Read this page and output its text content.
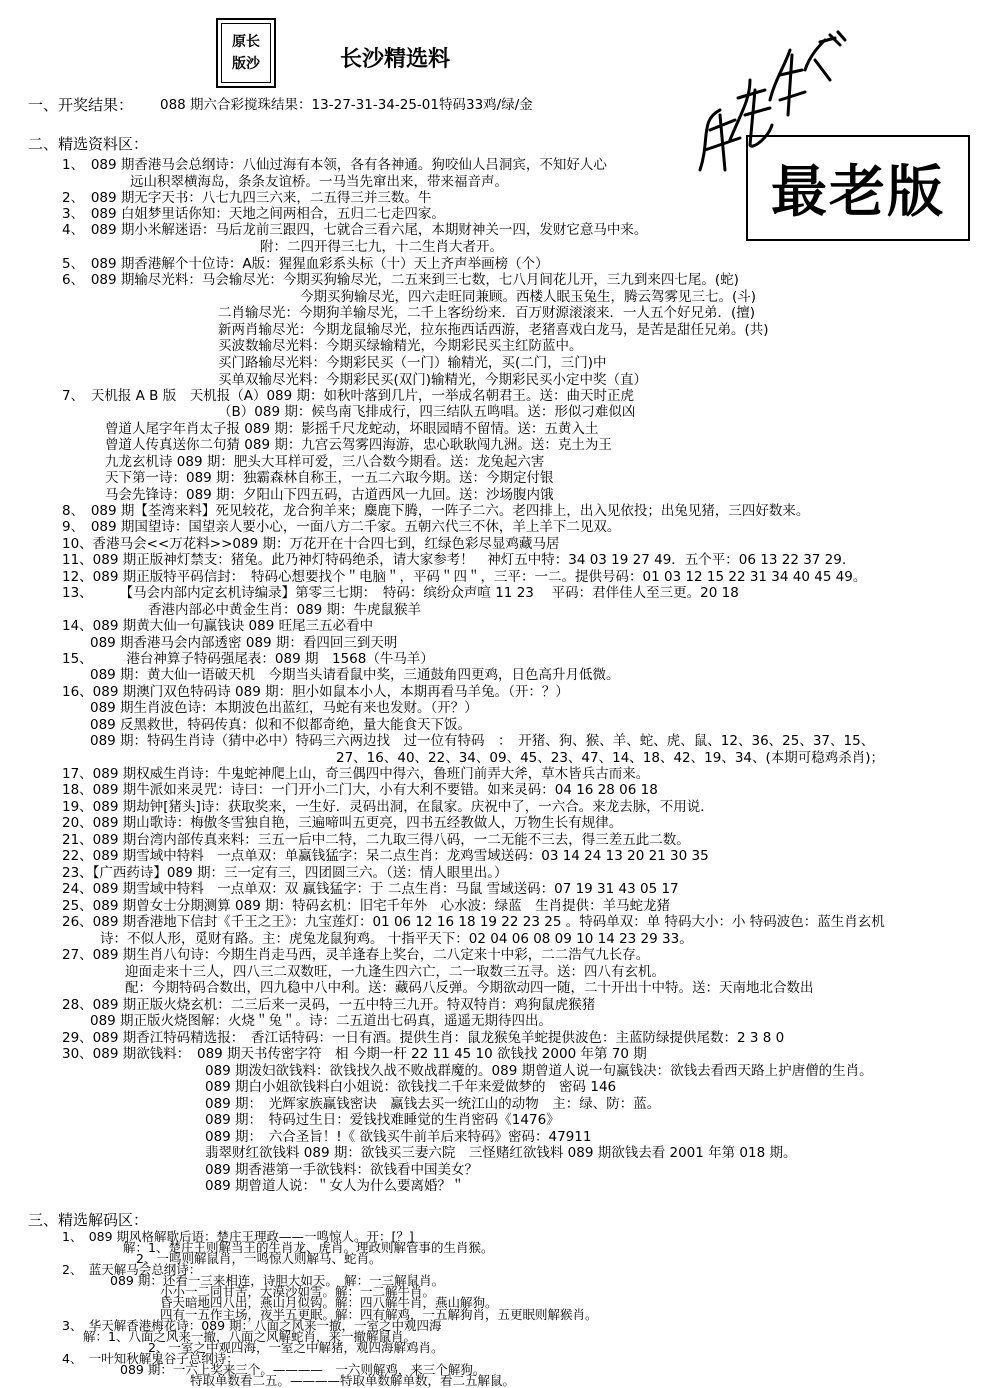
原长
版沙	长沙精选料
最老版
一、开奖结果： 088 期六合彩搅珠结果：13-27-31-34-25-01特码33鸡/绿/金
二、精选资料区：
1、　089 期香港马会总纲诗：八仙过海有本领，各有各神通。狗咬仙人吕洞宾，不知好人心
远山积翠横海岛，条条友谊桥。一马当先窜出来，带来福音声。
2、　089 期无字天书：八七九四三六来，二五得三并三数。牛
3、　089 白姐梦里话你知：天地之间两相合，五归二七走四家。
4、　089 期小米解迷语：马后龙前三跟四，七就合三看六尾，本期财神关一四，发财它意马中来。
附：二四开得三七九，十二生肖大者开。
5、　089 期香港解个十位诗：A版：猩猩血彩系头标（十）天上齐声举画榜（个）
6、　089 期输尽光料：马会输尽光：今期买狗输尽光，二五来到三七数，七八月间花儿开，三九到来四七尾。(蛇)
今期买狗输尽光，四六走旺同兼顾。西楼人眠玉兔生，腾云驾雾见三七。(斗)
二肖输尽光：今期狗羊输尽光，二千上客纷纷来．百万财源滚滚来．一人五个好兄弟．(擅)
新两肖输尽光：今期龙鼠输尽光，拉东拖西话西游，老猪喜戏白龙马，是苦是甜任兄弟。(共)
买波数输尽光料：今期买绿输精光，今期彩民买主红防蓝中。
买门路输尽光料：今期彩民买（一门）输精光，买(二门，三门)中
买单双输尽光料：今期彩民买(双门)输精光，今期彩民买小定中奖（直）
7、　天机报 A B 版　天机报（A）089 期：如秋叶落到几片，一举成名朝君王。送：曲天时正虎
（B）089 期：候鸟南飞排成行，四三结队五鸣唱。送：形似刁难似凶
曾道人尾字年肖太子报 089 期：影摇千尺龙蛇动，坏眼园晴不留情。送：五黄入土
曾道人传真送你二句猜 089 期：九宫云驾雾四海游，忠心耿耿闯九洲。送：克土为王
九龙玄机诗 089 期：肥头大耳样可爱，三八合数今期看。送：龙兔起六害
天下第一诗：089 期：独霸森林自称王，一五二六取今期。送：今期定付银
马会先锋诗：089 期：夕阳山下四五码，古道西风一九回。送：沙场腹内饿
8、　089 期【荃湾来料】死见较花，龙合狗羊来；麋鹿下腾，一阵子二六。老四排上，出入见依投；出兔见猪，三四好数来。
9、　089 期国望诗：国望亲人要小心，一面八方二千家。五朝六代三不休，羊上羊下二见双。
10、香港马会<<万花料>>089 期：万花开在十合四七到，红绿色彩尽显鸡藏马居
11、089 期正版神灯禁支：猪兔。此乃神灯特码绝杀，请大家参考！　神灯五中特：34 03 19 27 49．五个平：06 13 22 37 29.
12、089 期正版特平码信封：　特码心想要找个＂电脑＂，平码＂四＂，三平：一二。提供号码：01 03 12 15 22 31 34 40 45 49。
13、　　　【马会内部内定玄机诗编录】第零三七期：　特码：缤纷众声喧 11 23　 平码：君伴佳人至三更。20 18
香港内部必中黄金生肖：089 期：牛虎鼠猴羊
14、089 期黄大仙一句赢钱诀 089 旺尾三五必看中
089 期香港马会内部透密 089 期：看四回三到天明
15、　　　港台神算子特码强尾表：089 期　1568（牛马羊）
089 期：黄大仙一语破天机　今期当头请看鼠中奖，三通鼓角四更鸡，日色高升月低微。
16、089 期澳门双色特码诗 089 期：胆小如鼠本小人，本期再看马羊兔。（开：？）
089 期生肖波色诗：本期波色出蓝红，马蛇有来也发财。（开？）
089 反黑救世，特码传真：似和不似都奇绝，量大能食天下饭。
089 期：特码生肖诗（猜中必中）特码三六两边找　过一位有特码　：　开猪、狗、猴、羊、蛇、虎、鼠、12、36、25、37、15、
27、16、40、22、34、09、45、23、47、14、18、42、19、34、(本期可稳鸡杀肖)；
17、089 期权威生肖诗：牛鬼蛇神爬上山，奇三偶四中得六，鲁班门前弄大斧，草木皆兵古而来。
18、089 期牛派如来灵咒：诗曰：一门开小二门大，小有大利不要错。如来灵码：04 16 28 06 18
19、089 期劫钟[猪头]诗：获取奖来，一生好．灵码出洞，在鼠家。庆祝中了，一六合。来龙去脉，不用说．
20、089 期山歌诗：梅傲冬雪独自艳，三遍啼叫五更亮，四书五经教做人，万物生长有规律。
21、089 期台湾内部传真来料：三五一后中二特，二九取三得八码，一二无能不三去，得三差五此二数。
22、089 期雪域中特料　一点单双：单赢钱猛字：呆二点生肖：龙鸡雪域送码：03 14 24 13 20 21 30 35
23、【广西药诗】089 期：三一定有三，四团圆三六。（送：情人眼里出。）
24、089 期雪域中特料　一点单双：双 赢钱猛字：于 二点生肖：马鼠 雪域送码：07 19 31 43 05 17
25、089 期曾女士分期测算 089 期：特码玄机：旧宅千年外　心水波：绿蓝　生肖提供：羊马蛇龙猪
26、089 期香港地下信封《千王之王》：九宝莲灯：01 06 12 16 18 19 22 23 25 。特码单双：单 特码大小：小 特码波色：蓝生肖玄机
诗：不似人形，觅财有路。主：虎兔龙鼠狗鸡。 十指平天下：02 04 06 08 09 10 14 23 29 33。
27、089 期生肖八句诗：今期生肖走马西，灵羊逢春上奖台，二八定来十中彩，二二浩气九长存。
迎面走来十三人，四八三二双数旺，一九逢生四六亡，二一取数三五寻。送：四八有玄机。
配：今期特码合数出，四九稳中八中利。送：藏码八反弹。今期欲动四一随，二十开出十中特。送：天南地北合数出
28、089 期正版火烧玄机：二三后来一灵码，一五中特三九开。特双特肖：鸡狗鼠虎猴猪
089 期正版火烧图解：火烧＂兔＂。诗：二五道出七码真，遥遥无期待四出。
29、089 期香江特码精选报：　香江话特码：一日有酒。提供生肖：鼠龙猴兔羊蛇提供波色：主蓝防绿提供尾数：2 3 8 0
30、089 期欲钱料：　089 期天书传密字符　相 今期一杆 22 11 45 10 欲钱找 2000 年第 70 期
089 期泼妇欲钱料：欲钱找久战不败战群魔的。089 期曾道人说一句赢钱决：欲钱去看西天路上护唐僧的生肖。
089 期白小姐欲钱料白小姐说：欲钱找二千年来爱做梦的　密码 146
089 期：　光辉家族赢钱密诀　赢钱去买一统江山的动物　主：绿、防：蓝。
089 期：　特码过生日：爱钱找难睡觉的生肖密码《1476》
089 期：　六合圣旨！!《 欲钱买牛前羊后来特码》密码：47911
翡翠财红欲钱料 089 期：欲钱买三妻六院　三怪赌红欲钱料 089 期欲钱去看 2001 年第 018 期。
089 期香港第一手欲钱料：欲钱看中国美女？
089 期曾道人说：＂女人为什么要离婚？＂
三、精选解码区：
1、　089 期风格解歇后语：楚庄王理政——一鸣惊人。开：[？]
解：1、楚庄王则解当王的生肖龙、虎肖。理政则解管事的生肖猴。
2、一鸣则解鼠肖，一鸣惊人则解马、蛇肖。
2、　蓝天解马会总纲诗：
089 期：还看一三来相连，诗胆大如天。　解：一三解鼠肖。
小小一二同甘苦，大漠沙如雪。解：一二解牛肖。
昏天暗地四八出，燕山月似钩。解：四八解牛肖，燕山解狗。
四有一五作主场，夜半五更眠。解：四有解鸡，一五解狗肖，五更眠则解猴肖。
3、　华天解香港梅花诗：089 期：八面之风来一撤，一室之中观四海
解：1、八面之风来一撤，八面之风解蛇肖，来一撤解鼠肖。
2、一室之中观四海，一室之中解猪，观四海解鸡肖。
4、　一叶知秋解鬼谷子总纲诗：
089 期：一六上奖来三个。————　一六则解鸡，来三个解狗。
特取单数看二五。————特取单数解单数，看二五解鼠。
